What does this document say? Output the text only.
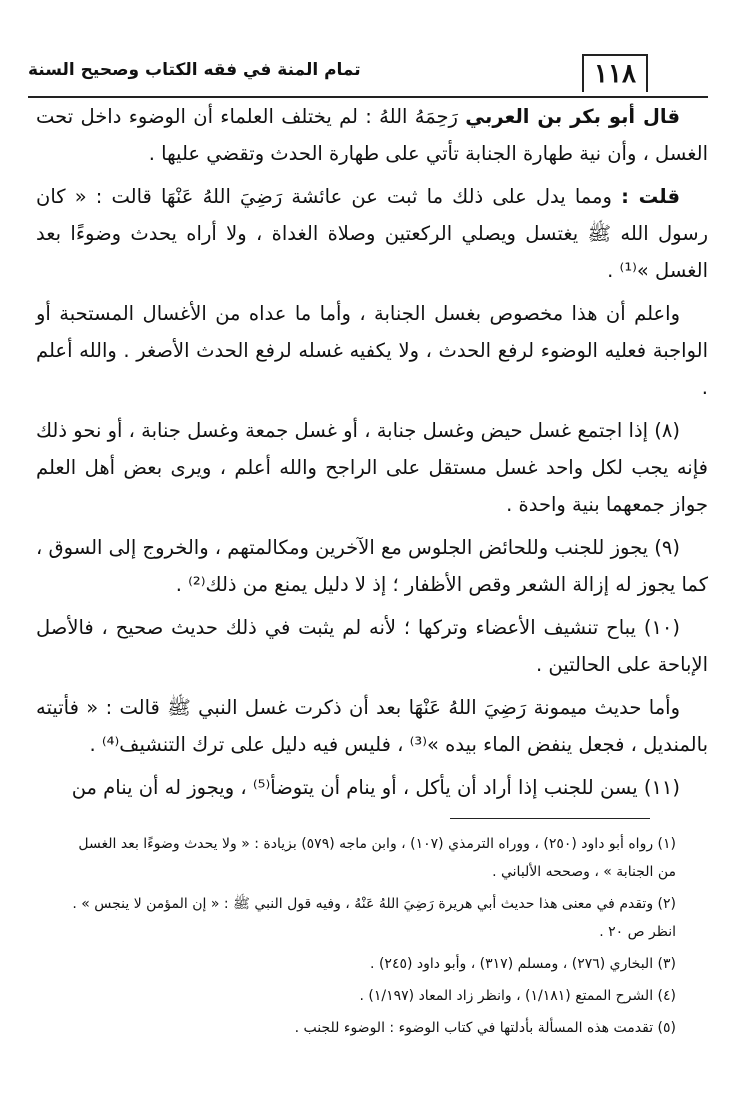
١١٨
تمام المنة في فقه الكتاب وصحيح السنة

قال أبو بكر بن العربي رَحِمَهُ اللهُ : لم يختلف العلماء أن الوضوء داخل تحت الغسل ، وأن نية طهارة الجنابة تأتي على طهارة الحدث وتقضي عليها .

قلت : ومما يدل على ذلك ما ثبت عن عائشة رَضِيَ اللهُ عَنْهَا قالت : « كان رسول الله ﷺ يغتسل ويصلي الركعتين وصلاة الغداة ، ولا أراه يحدث وضوءًا بعد الغسل »⁽¹⁾ .

واعلم أن هذا مخصوص بغسل الجنابة ، وأما ما عداه من الأغسال المستحبة أو الواجبة فعليه الوضوء لرفع الحدث ، ولا يكفيه غسله لرفع الحدث الأصغر . والله أعلم .

(٨) إذا اجتمع غسل حيض وغسل جنابة ، أو غسل جمعة وغسل جنابة ، أو نحو ذلك فإنه يجب لكل واحد غسل مستقل على الراجح والله أعلم ، ويرى بعض أهل العلم جواز جمعهما بنية واحدة .

(٩) يجوز للجنب وللحائض الجلوس مع الآخرين ومكالمتهم ، والخروج إلى السوق ، كما يجوز له إزالة الشعر وقص الأظفار ؛ إذ لا دليل يمنع من ذلك⁽²⁾ .

(١٠) يباح تنشيف الأعضاء وتركها ؛ لأنه لم يثبت في ذلك حديث صحيح ، فالأصل الإباحة على الحالتين .

وأما حديث ميمونة رَضِيَ اللهُ عَنْهَا بعد أن ذكرت غسل النبي ﷺ قالت : « فأتيته بالمنديل ، فجعل ينفض الماء بيده »⁽³⁾ ، فليس فيه دليل على ترك التنشيف⁽⁴⁾ .

(١١) يسن للجنب إذا أراد أن يأكل ، أو ينام أن يتوضأ⁽⁵⁾ ، ويجوز له أن ينام من

(١) رواه أبو داود (٢٥٠) ، ووراه الترمذي (١٠٧) ، وابن ماجه (٥٧٩) بزيادة : « ولا يحدث وضوءًا بعد الغسل من الجنابة » ، وصححه الألباني .

(٢) وتقدم في معنى هذا حديث أبي هريرة رَضِيَ اللهُ عَنْهُ ، وفيه قول النبي ﷺ : « إن المؤمن لا ينجس » . انظر ص ٢٠ .

(٣) البخاري (٢٧٦) ، ومسلم (٣١٧) ، وأبو داود (٢٤٥) .

(٤) الشرح الممتع (١/١٨١) ، وانظر زاد المعاد (١/١٩٧) .

(٥) تقدمت هذه المسألة بأدلتها في كتاب الوضوء : الوضوء للجنب .
